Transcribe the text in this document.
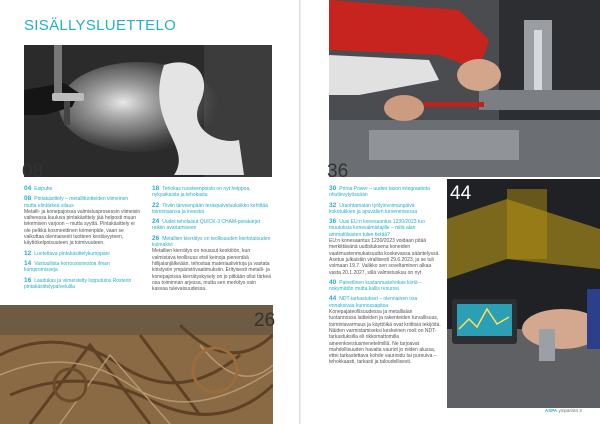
SISÄLLYSLUETTELO
08	36
44
26
04 Esipuhe
08 Pintakäsittely – metallituotteiden viimeinen mutta elintärkeä silaus
Metalli- ja konepajoissa valmistusprosessin viimeisin vaiheessa kuuluva pintakäsittely jää helposti muun tekemisen varjoon – mutta syyttä. Pintakäsittely ei ole pelkkä kosmeettinen toimenpide, vaan se vaikuttaa olennaisesti tuotteen kestävyyteen, käyttökelpoisuuteen ja toimivuuteen.
12 Luotettava pintakäsittelykumppani
14 Vastuullista korroosionestoa ilman kompromisseja
16 Laadukas ja viimeistelty lopputulos Rosterin pintakäsittelypalveluilla
18 Tehokas ruosteenpoisto on nyt helppoa, nykyaikaista ja tehokasta
22 Tiiviin tärveenpään teräspalveluuksikko kehittää toimintaansa ja investoi
24 Uudet teholaisut QUICK-3 CHAM-porakärjet reikiin avartamiseen
26 Metallien kierrätys on teollisuuden kiertotalouden kulmakivi
Metallien kierrätys on noussut keskiöön, kun valmistava teollisuus etsii keinoja pienentää hiilijalanjälkeään, tehostaa materiaalivirtoja ja vastata kiristyviin ympäristövaatimuksiin. Erityisesti metalli- ja konepajoissa kierrätyskysely on jo pitkään ollut tärkeä osa toiminnan arjessa, mutta sen merkitys vain kasvaa tulevaisuudessa.
30 Prima Power – uuden tason integraatiota ohutlevytyössään
32 Uraohtamatan työlyinvoimanpäivä kokotukkien ja apuvälien turvenmisessa
36 Uusi EU:n konesaantus 1230/2023 tuo muutoksia konevalmistajille – mitä alan ammattilaisten tulee tietää?
EU:n konesaantus 1230/2023 voidaan pitää merkittävänä uudistuksena koneiden vaatimustenmukaisuutta koskevassa sääntelyssä. Asetus julkaistiin virallisesti 29.6.2023, ja se tuli voimaan 19.7. Valikko sen soveltaminen alkaa vasta 20.1.2027, sillä valmistuskuu on nyt
40 Painetlinen kustannustehokas kiirtä – nokymätön mutta kallis resurssi
44 NDT-tarkastukset – olennainen osa ennakoivaa kunnossapitoa
Konepajateollisuudessa ja metallialan tuotannossa laitteiden ja rakenteiden turvallisuus, toimintavarmuus ja käyttöikä ovat kriittisiä tekijöitä. Näiden varmistamiseksi keskeinen rooli on NDT-tarkastuksilla eli rikkomattomilla aineenkoestusmenetelmillä. Ne tarjoavat mahdollisuuden havaita vauriot jo niiden alussa, ettei tarkastettava kohde vaurioidu tai pureuiva – tehokkaasti, tarkasti ja taloudellisesti.
ASPA ympäristö 3
